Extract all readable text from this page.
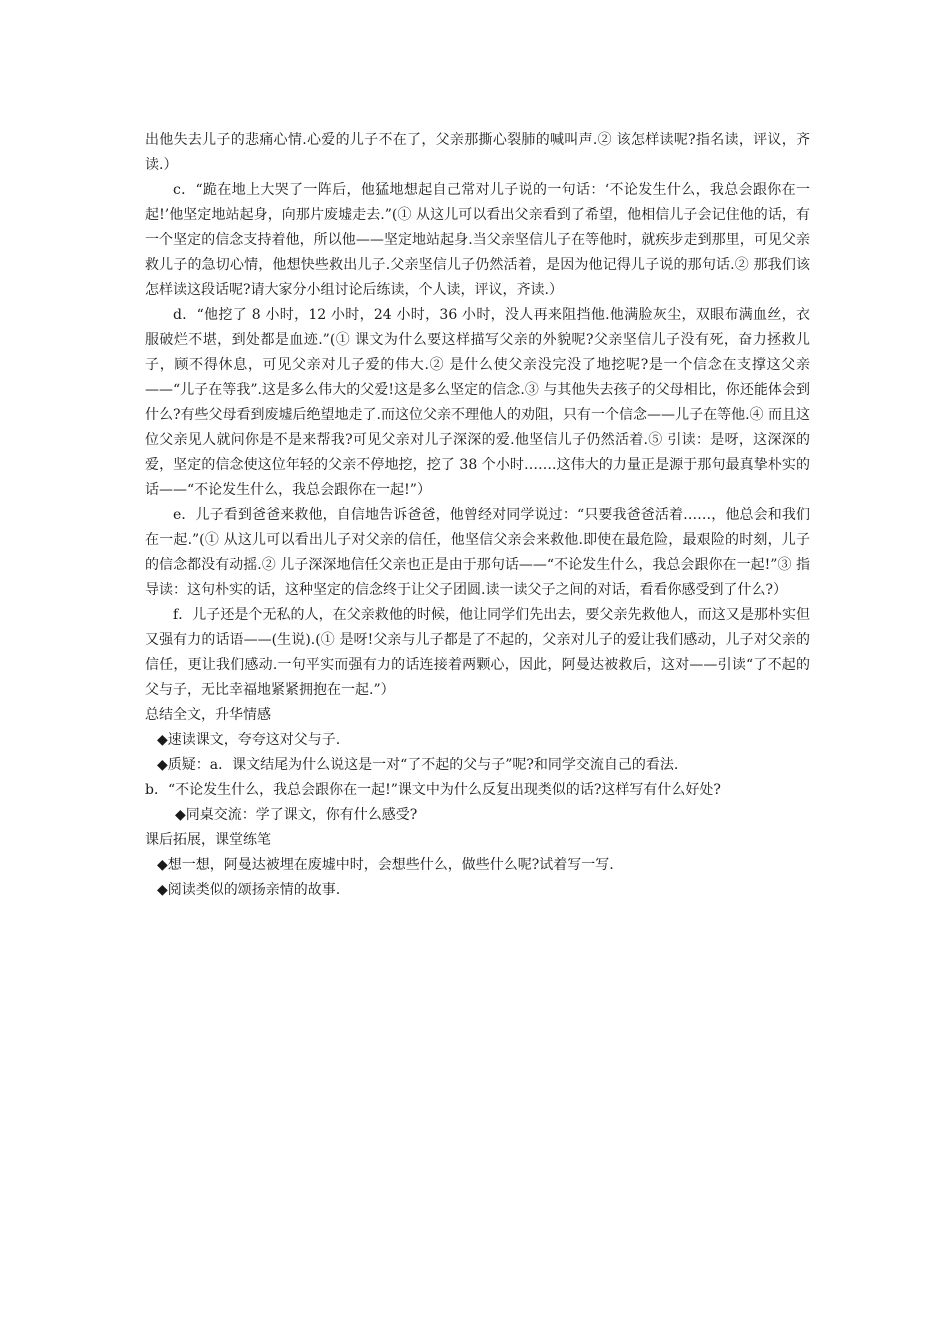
出他失去儿子的悲痛心情.心爱的儿子不在了，父亲那撕心裂肺的喊叫声.② 该怎样读呢?指名读，评议，齐读.）

c．“跪在地上大哭了一阵后，他猛地想起自己常对儿子说的一句话：‘不论发生什么，我总会跟你在一起!’他坚定地站起身，向那片废墟走去.”(① 从这儿可以看出父亲看到了希望，他相信儿子会记住他的话，有一个坚定的信念支持着他，所以他——坚定地站起身.当父亲坚信儿子在等他时，就疾步走到那里，可见父亲救儿子的急切心情，他想快些救出儿子.父亲坚信儿子仍然活着，是因为他记得儿子说的那句话.② 那我们该怎样读这段话呢?请大家分小组讨论后练读，个人读，评议，齐读.）

d．“他挖了 8 小时，12 小时，24 小时，36 小时，没人再来阻挡他.他满脸灰尘，双眼布满血丝，衣服破烂不堪，到处都是血迹.”(① 课文为什么要这样描写父亲的外貌呢?父亲坚信儿子没有死，奋力拯救儿子，顾不得休息，可见父亲对儿子爱的伟大.② 是什么使父亲没完没了地挖呢?是一个信念在支撑这父亲——“儿子在等我”.这是多么伟大的父爱!这是多么坚定的信念.③ 与其他失去孩子的父母相比，你还能体会到什么?有些父母看到废墟后绝望地走了.而这位父亲不理他人的劝阻，只有一个信念——儿子在等他.④ 而且这位父亲见人就问你是不是来帮我?可见父亲对儿子深深的爱.他坚信儿子仍然活着.⑤ 引读：是呀，这深深的爱，坚定的信念使这位年轻的父亲不停地挖，挖了 38 个小时…….这伟大的力量正是源于那句最真挚朴实的话——“不论发生什么，我总会跟你在一起!”）

e．儿子看到爸爸来救他，自信地告诉爸爸，他曾经对同学说过：“只要我爸爸活着……，他总会和我们在一起.”(① 从这儿可以看出儿子对父亲的信任，他坚信父亲会来救他.即使在最危险，最艰险的时刻，儿子的信念都没有动摇.② 儿子深深地信任父亲也正是由于那句话——“不论发生什么，我总会跟你在一起!”③ 指导读：这句朴实的话，这种坚定的信念终于让父子团圆.读一读父子之间的对话，看看你感受到了什么?）

f．儿子还是个无私的人，在父亲救他的时候，他让同学们先出去，要父亲先救他人，而这又是那朴实但又强有力的话语——(生说).(① 是呀!父亲与儿子都是了不起的，父亲对儿子的爱让我们感动，儿子对父亲的信任，更让我们感动.一句平实而强有力的话连接着两颗心，因此，阿曼达被救后，这对——引读“了不起的父与子，无比幸福地紧紧拥抱在一起.”）

总结全文，升华情感

◆速读课文，夸夸这对父与子.

◆质疑：a．课文结尾为什么说这是一对“了不起的父与子”呢?和同学交流自己的看法.

b．“不论发生什么，我总会跟你在一起!”课文中为什么反复出现类似的话?这样写有什么好处?

◆同桌交流：学了课文，你有什么感受?

课后拓展，课堂练笔

◆想一想，阿曼达被埋在废墟中时，会想些什么，做些什么呢?试着写一写.

◆阅读类似的颂扬亲情的故事.
